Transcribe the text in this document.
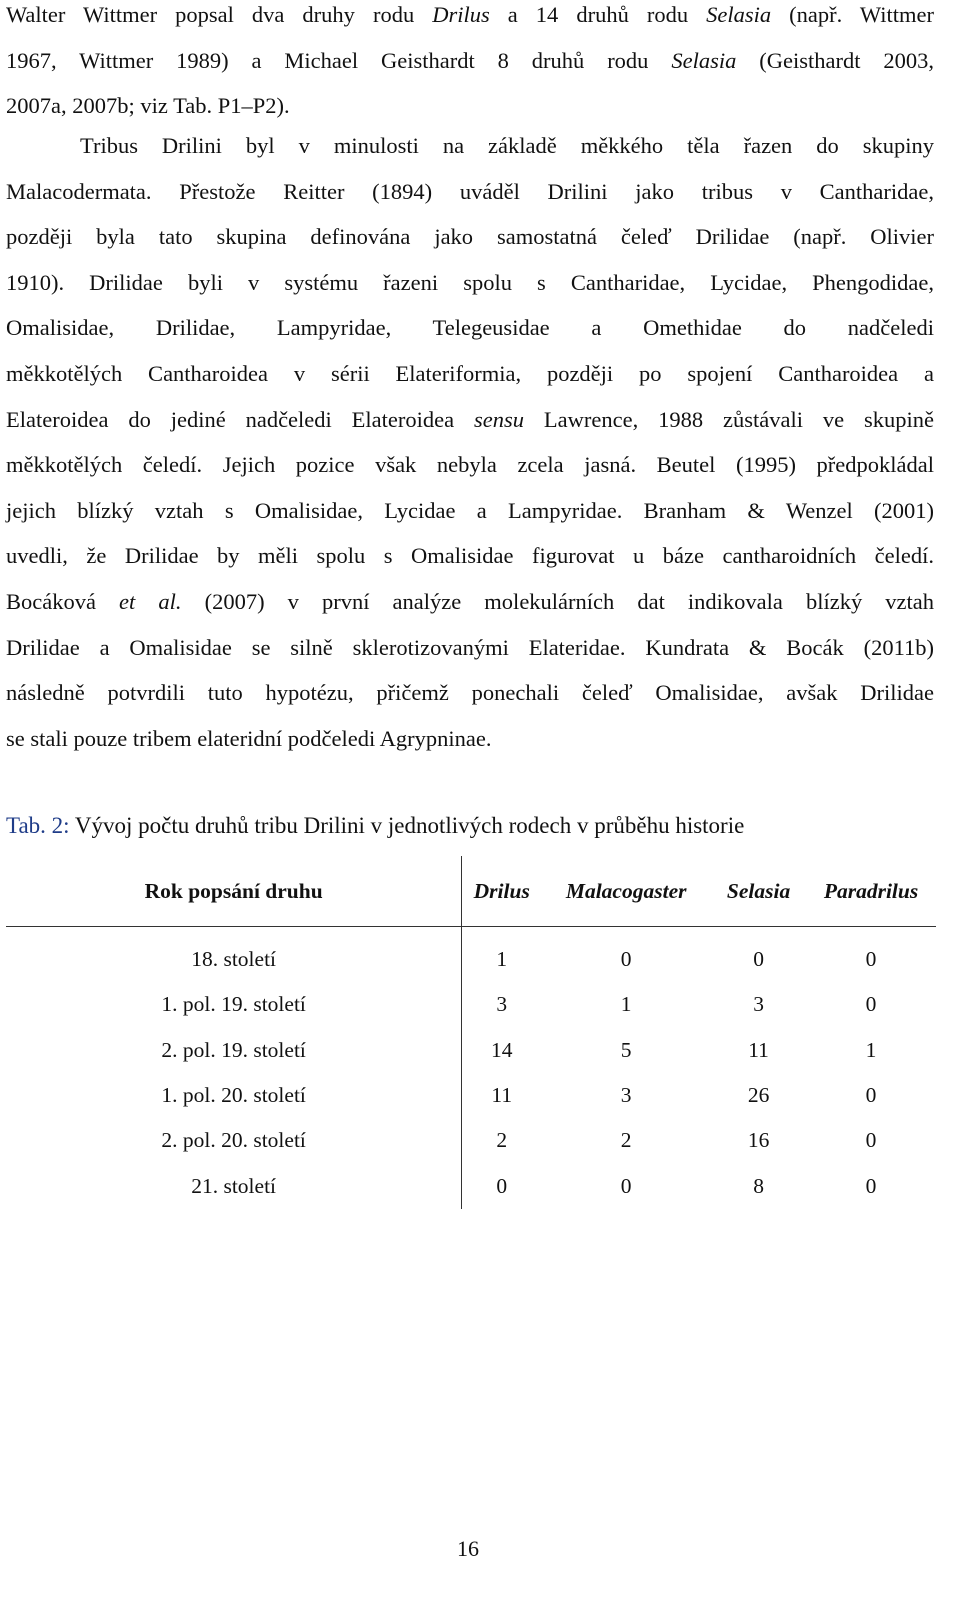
Walter Wittmer popsal dva druhy rodu Drilus a 14 druhů rodu Selasia (např. Wittmer
1967, Wittmer 1989) a Michael Geisthardt 8 druhů rodu Selasia (Geisthardt 2003,
2007a, 2007b; viz Tab. P1–P2).
Tribus Drilini byl v minulosti na základě měkkého těla řazen do skupiny
Malacodermata. Přestože Reitter (1894) uváděl Drilini jako tribus v Cantharidae,
později byla tato skupina definována jako samostatná čeleď Drilidae (např. Olivier
1910). Drilidae byli v systému řazeni spolu s Cantharidae, Lycidae, Phengodidae,
Omalisidae, Drilidae, Lampyridae, Telegeusidae a Omethidae do nadčeledi
měkkotělých Cantharoidea v sérii Elateriformia, později po spojení Cantharoidea a
Elateroidea do jediné nadčeledi Elateroidea sensu Lawrence, 1988 zůstávali ve skupině
měkkotělých čeledí. Jejich pozice však nebyla zcela jasná. Beutel (1995) předpokládal
jejich blízký vztah s Omalisidae, Lycidae a Lampyridae. Branham & Wenzel (2001)
uvedli, že Drilidae by měli spolu s Omalisidae figurovat u báze cantharoidních čeledí.
Bocáková et al. (2007) v první analýze molekulárních dat indikovala blízký vztah
Drilidae a Omalisidae se silně sklerotizovanými Elateridae. Kundrata & Bocák (2011b)
následně potvrdili tuto hypotézu, přičemž ponechali čeleď Omalisidae, avšak Drilidae
se stali pouze tribem elateridní podčeledi Agrypninae.
Tab. 2: Vývoj počtu druhů tribu Drilini v jednotlivých rodech v průběhu historie
Rok popsání druhu	Drilus	Malacogaster	Selasia	Paradrilus
18. století	1	0	0	0
1. pol. 19. století	3	1	3	0
2. pol. 19. století	14	5	11	1
1. pol. 20. století	11	3	26	0
2. pol. 20. století	2	2	16	0
21. století	0	0	8	0
16
